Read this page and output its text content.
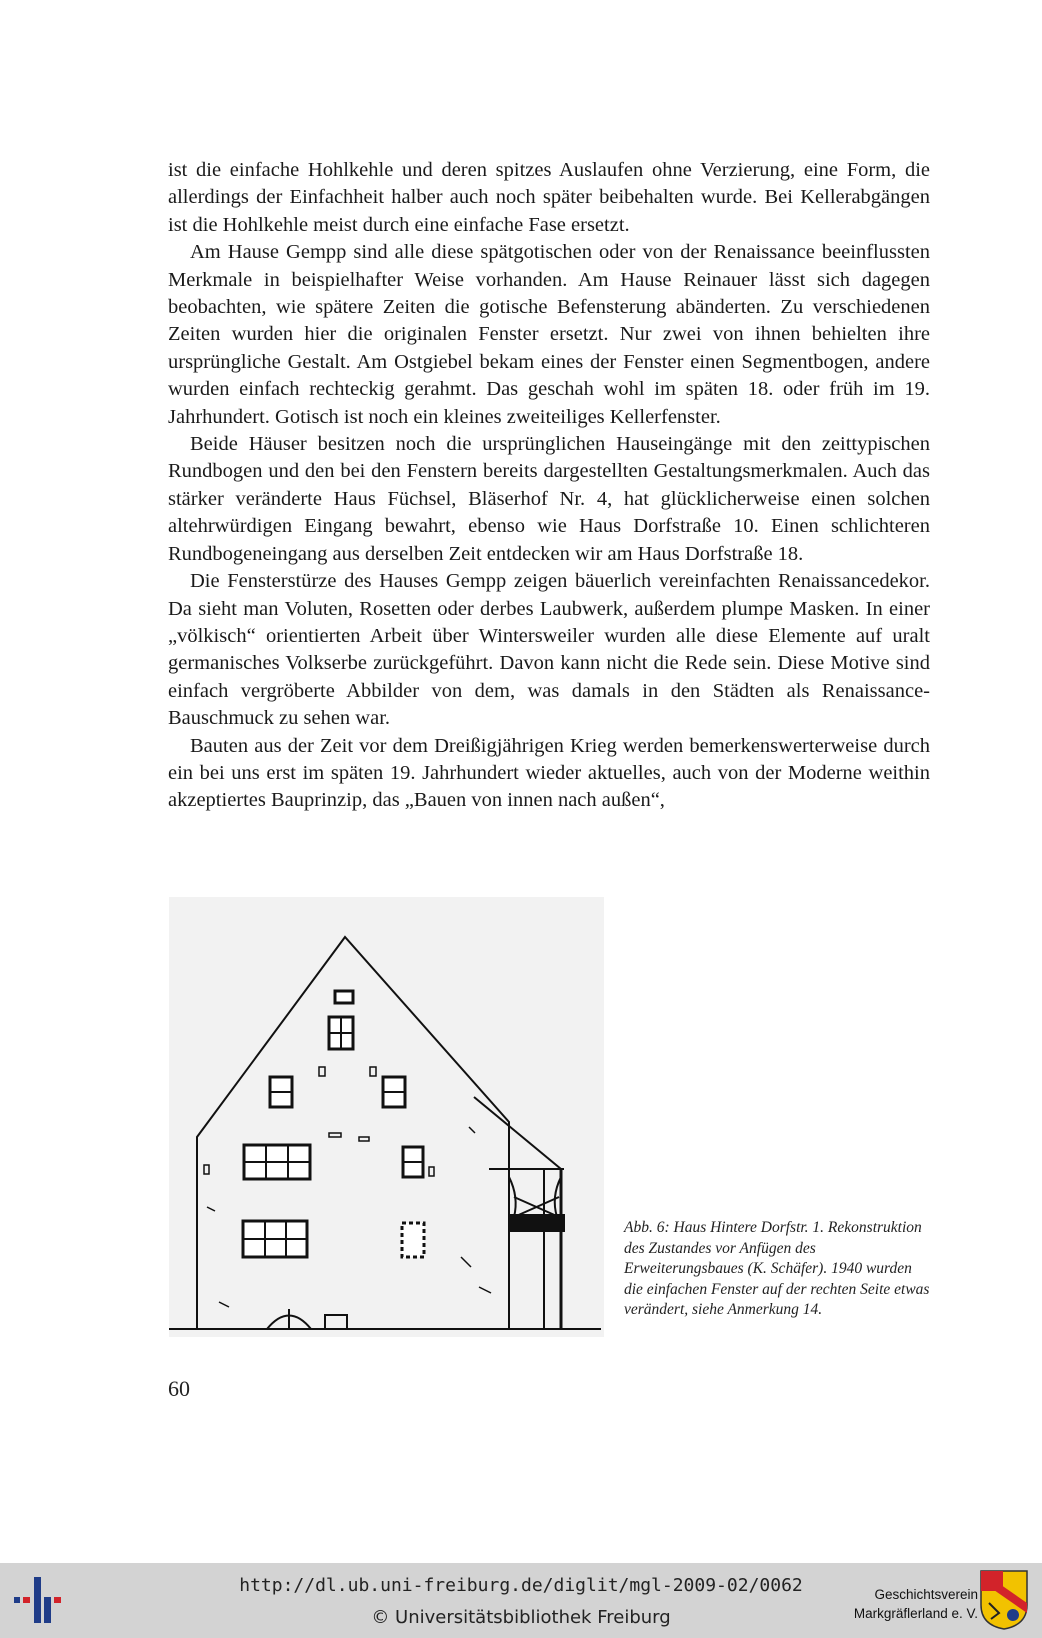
ist die einfache Hohlkehle und deren spitzes Auslaufen ohne Verzierung, eine Form, die allerdings der Einfachheit halber auch noch später beibehalten wurde. Bei Kellerabgängen ist die Hohlkehle meist durch eine einfache Fase ersetzt.

Am Hause Gempp sind alle diese spätgotischen oder von der Renaissance beeinflussten Merkmale in beispielhafter Weise vorhanden. Am Hause Reinauer lässt sich dagegen beobachten, wie spätere Zeiten die gotische Befensterung abänderten. Zu verschiedenen Zeiten wurden hier die originalen Fenster ersetzt. Nur zwei von ihnen behielten ihre ursprüngliche Gestalt. Am Ostgiebel bekam eines der Fenster einen Segmentbogen, andere wurden einfach rechteckig gerahmt. Das geschah wohl im späten 18. oder früh im 19. Jahrhundert. Gotisch ist noch ein kleines zweiteiliges Kellerfenster.

Beide Häuser besitzen noch die ursprünglichen Hauseingänge mit den zeittypischen Rundbogen und den bei den Fenstern bereits dargestellten Gestaltungsmerkmalen. Auch das stärker veränderte Haus Füchsel, Bläserhof Nr. 4, hat glücklicherweise einen solchen altehrwürdigen Eingang bewahrt, ebenso wie Haus Dorfstraße 10. Einen schlichteren Rundbogeneingang aus derselben Zeit entdecken wir am Haus Dorfstraße 18.

Die Fensterstürze des Hauses Gempp zeigen bäuerlich vereinfachten Renaissancedekor. Da sieht man Voluten, Rosetten oder derbes Laubwerk, außerdem plumpe Masken. In einer „völkisch“ orientierten Arbeit über Wintersweiler wurden alle diese Elemente auf uralt germanisches Volkserbe zurückgeführt. Davon kann nicht die Rede sein. Diese Motive sind einfach vergröberte Abbilder von dem, was damals in den Städten als Renaissance-Bauschmuck zu sehen war.

Bauten aus der Zeit vor dem Dreißigjährigen Krieg werden bemerkenswerterweise durch ein bei uns erst im späten 19. Jahrhundert wieder aktuelles, auch von der Moderne weithin akzeptiertes Bauprinzip, das „Bauen von innen nach außen“,

Abb. 6: Haus Hintere Dorfstr. 1. Rekonstruktion des Zustandes vor Anfügen des Erweiterungsbaues (K. Schäfer). 1940 wurden die einfachen Fenster auf der rechten Seite etwas verändert, siehe Anmerkung 14.
60
http://dl.ub.uni-freiburg.de/diglit/mgl-2009-02/0062
© Universitätsbibliothek Freiburg
Geschichtsverein
Markgräflerland e. V.
